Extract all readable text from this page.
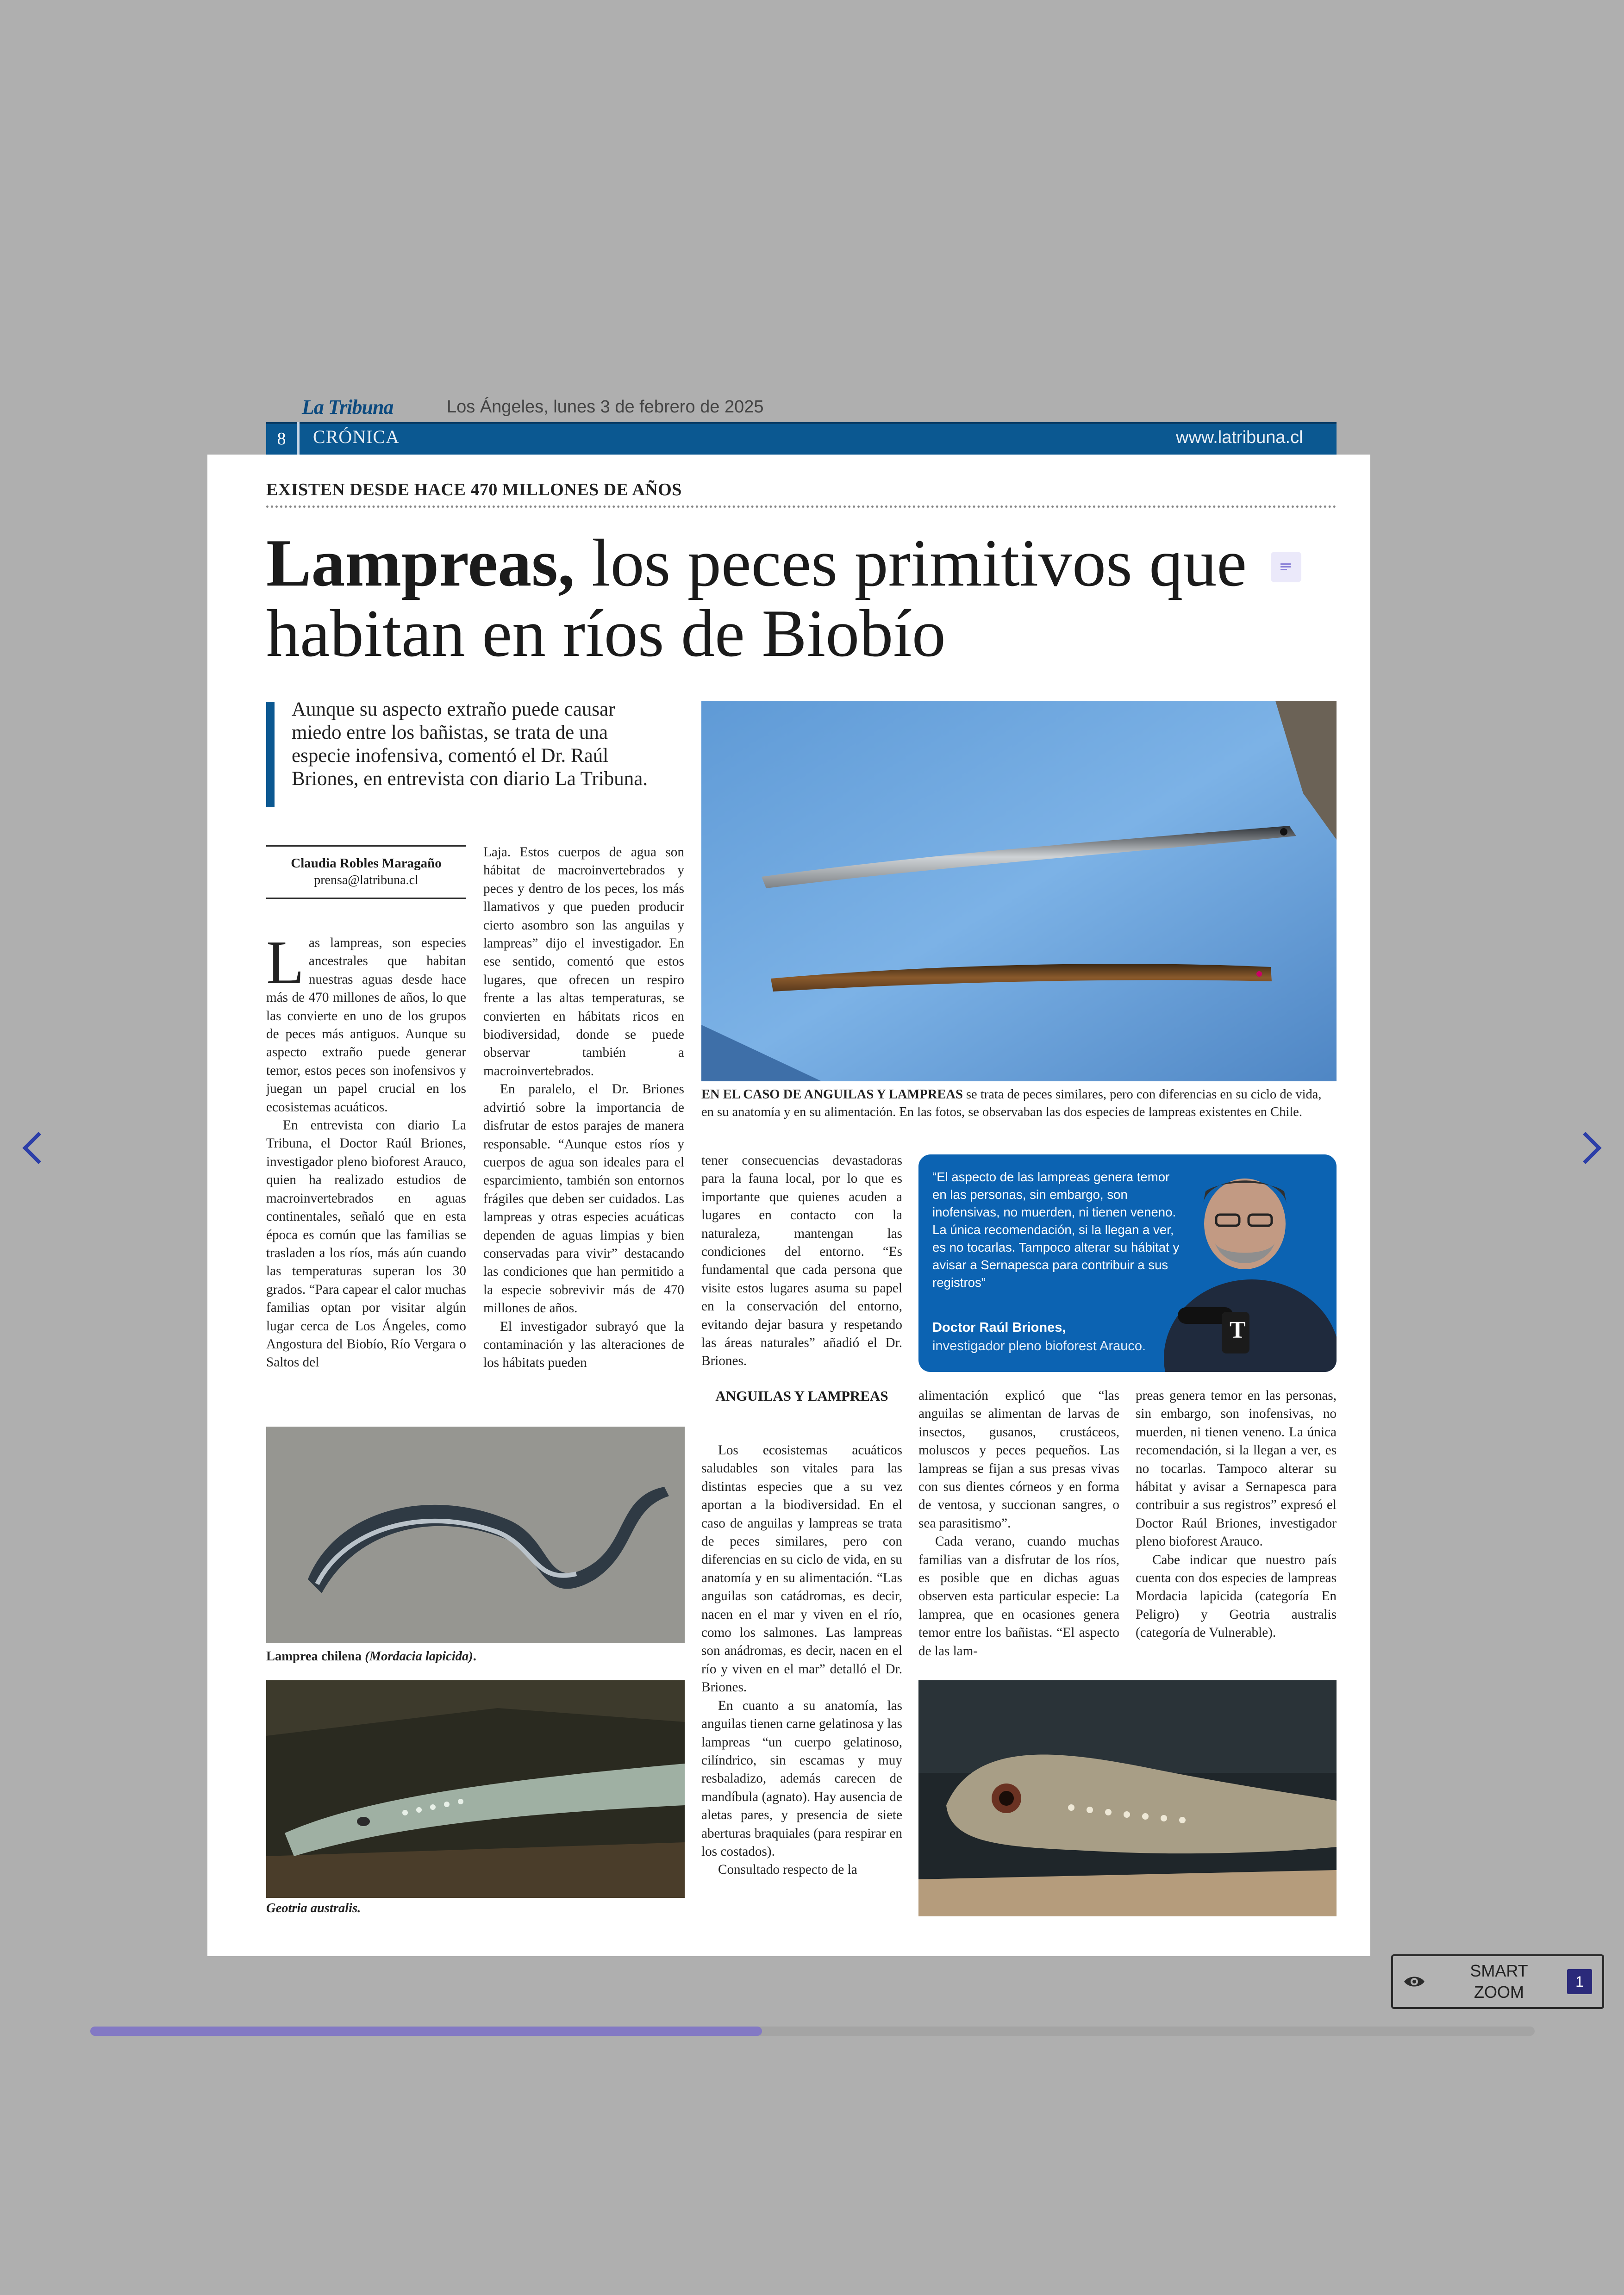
La Tribuna	Los Ángeles, lunes 3 de febrero de 2025
8	CRÓNICA	www.latribuna.cl
EXISTEN DESDE HACE 470 MILLONES DE AÑOS
Lampreas, los peces primitivos que habitan en ríos de Biobío
Aunque su aspecto extraño puede causar miedo entre los bañistas, se trata de una especie inofensiva, comentó el Dr. Raúl Briones, en entrevista con diario La Tribuna.
Claudia Robles Maragaño
prensa@latribuna.cl

Las lampreas, son especies ancestrales que habitan nuestras aguas desde hace más de 470 millones de años, lo que las convierte en uno de los grupos de peces más antiguos. Aunque su aspecto extraño puede generar temor, estos peces son inofensivos y juegan un papel crucial en los ecosistemas acuáticos.

En entrevista con diario La Tribuna, el Doctor Raúl Briones, investigador pleno bioforest Arauco, quien ha realizado estudios de macroinvertebrados en aguas continentales, señaló que en esta época es común que las familias se trasladen a los ríos, más aún cuando las temperaturas superan los 30 grados. “Para capear el calor muchas familias optan por visitar algún lugar cerca de Los Ángeles, como Angostura del Biobío, Río Vergara o Saltos del

Laja. Estos cuerpos de agua son hábitat de macroinvertebrados y peces y dentro de los peces, los más llamativos y que pueden producir cierto asombro son las anguilas y lampreas” dijo el investigador. En ese sentido, comentó que estos lugares, que ofrecen un respiro frente a las altas temperaturas, se convierten en hábitats ricos en biodiversidad, donde se puede observar también a macroinvertebrados.

En paralelo, el Dr. Briones advirtió sobre la importancia de disfrutar de estos parajes de manera responsable. “Aunque estos ríos y cuerpos de agua son ideales para el esparcimiento, también son entornos frágiles que deben ser cuidados. Las lampreas y otras especies acuáticas dependen de aguas limpias y bien conservadas para vivir” destacando las condiciones que han permitido a la especie sobrevivir más de 470 millones de años.

El investigador subrayó que la contaminación y las alteraciones de los hábitats pueden

EN EL CASO DE ANGUILAS Y LAMPREAS se trata de peces similares, pero con diferencias en su ciclo de vida, en su anatomía y en su alimentación. En las fotos, se observaban las dos especies de lampreas existentes en Chile.
T
“El aspecto de las lampreas genera temor en las personas, sin embargo, son inofensivas, no muerden, ni tienen veneno. La única recomendación, si la llegan a ver, es no tocarlas. Tampoco alterar su hábitat y avisar a Sernapesca para contribuir a sus registros”
Doctor Raúl Briones,
investigador pleno bioforest Arauco.

tener consecuencias devastadoras para la fauna local, por lo que es importante que quienes acuden a lugares en contacto con la naturaleza, mantengan las condiciones del entorno. “Es fundamental que cada persona que visite estos lugares asuma su papel en la conservación del entorno, evitando dejar basura y respetando las áreas naturales” añadió el Dr. Briones.

ANGUILAS Y LAMPREAS

Los ecosistemas acuáticos saludables son vitales para las distintas especies que a su vez aportan a la biodiversidad. En el caso de anguilas y lampreas se trata de peces similares, pero con diferencias en su ciclo de vida, en su anatomía y en su alimentación. “Las anguilas son catádromas, es decir, nacen en el mar y viven en el río, como los salmones. Las lampreas son anádromas, es decir, nacen en el río y viven en el mar” detalló el Dr. Briones.

En cuanto a su anatomía, las anguilas tienen carne gelatinosa y las lampreas “un cuerpo gelatinoso, cilíndrico, sin escamas y muy resbaladizo, además carecen de mandíbula (agnato). Hay ausencia de aletas pares, y presencia de siete aberturas braquiales (para respirar en los costados).

Consultado respecto de la

alimentación explicó que “las anguilas se alimentan de larvas de insectos, gusanos, crustáceos, moluscos y peces pequeños. Las lampreas se fijan a sus presas vivas con sus dientes córneos y en forma de ventosa, y succionan sangres, o sea parasitismo”.

Cada verano, cuando muchas familias van a disfrutar de los ríos, es posible que en dichas aguas observen esta particular especie: La lamprea, que en ocasiones genera temor entre los bañistas. “El aspecto de las lam-

preas genera temor en las personas, sin embargo, son inofensivas, no muerden, ni tienen veneno. La única recomendación, si la llegan a ver, es no tocarlas. Tampoco alterar su hábitat y avisar a Sernapesca para contribuir a sus registros” expresó el Doctor Raúl Briones, investigador pleno bioforest Arauco.

Cabe indicar que nuestro país cuenta con dos especies de lampreas Mordacia lapicida (categoría En Peligro) y Geotria australis (categoría de Vulnerable).

Lamprea chilena (Mordacia lapicida).
Geotria australis.
SMART
ZOOM
1
